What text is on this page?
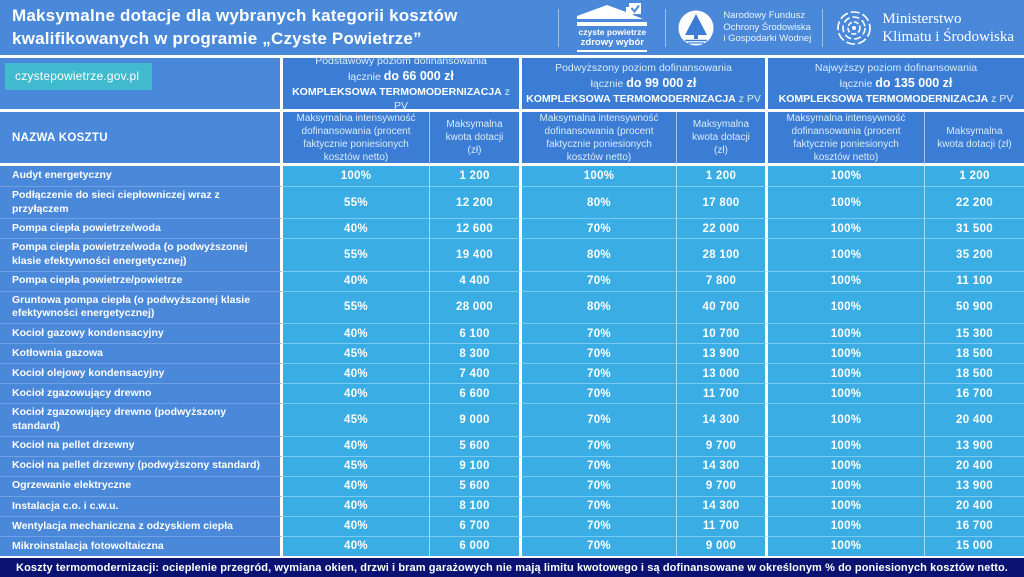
Maksymalne dotacje dla wybranych kategorii kosztów
kwalifikowanych w programie „Czyste Powietrze”	czyste powietrze
zdrowy wybór
Narodowy Fundusz
Ochrony Środowiska
i Gospodarki Wodnej
Ministerstwo
Klimatu i Środowiska
czystepowietrze.gov.pl
Podstawowy poziom dofinansowania
łącznie do 66 000 zł
KOMPLEKSOWA TERMOMODERNIZACJA z PV
Podwyższony poziom dofinansowania
łącznie do 99 000 zł
KOMPLEKSOWA TERMOMODERNIZACJA z PV
Najwyższy poziom dofinansowania
łącznie do 135 000 zł
KOMPLEKSOWA TERMOMODERNIZACJA z PV
NAZWA KOSZTU
Maksymalna intensywność dofinansowania (procent faktycznie poniesionych kosztów netto)
Maksymalna kwota dotacji (zł)
Maksymalna intensywność dofinansowania (procent faktycznie poniesionych kosztów netto)
Maksymalna kwota dotacji (zł)
Maksymalna intensywność dofinansowania (procent faktycznie poniesionych kosztów netto)
Maksymalna kwota dotacji (zł)
Audyt energetyczny	100%	1 200	100%	1 200	100%	1 200
Podłączenie do sieci ciepłowniczej wraz z przyłączem	55%	12 200	80%	17 800	100%	22 200
Pompa ciepła powietrze/woda	40%	12 600	70%	22 000	100%	31 500
Pompa ciepła powietrze/woda (o podwyższonej klasie efektywności energetycznej)	55%	19 400	80%	28 100	100%	35 200
Pompa ciepła powietrze/powietrze	40%	4 400	70%	7 800	100%	11 100
Gruntowa pompa ciepła (o podwyższonej klasie efektywności energetycznej)	55%	28 000	80%	40 700	100%	50 900
Kocioł gazowy kondensacyjny	40%	6 100	70%	10 700	100%	15 300
Kotłownia gazowa	45%	8 300	70%	13 900	100%	18 500
Kocioł olejowy kondensacyjny	40%	7 400	70%	13 000	100%	18 500
Kocioł zgazowujący drewno	40%	6 600	70%	11 700	100%	16 700
Kocioł zgazowujący drewno (podwyższony standard)	45%	9 000	70%	14 300	100%	20 400
Kocioł na pellet drzewny	40%	5 600	70%	9 700	100%	13 900
Kocioł na pellet drzewny (podwyższony standard)	45%	9 100	70%	14 300	100%	20 400
Ogrzewanie elektryczne	40%	5 600	70%	9 700	100%	13 900
Instalacja c.o. i c.w.u.	40%	8 100	70%	14 300	100%	20 400
Wentylacja mechaniczna z odzyskiem ciepła	40%	6 700	70%	11 700	100%	16 700
Mikroinstalacja fotowoltaiczna	40%	6 000	70%	9 000	100%	15 000
Koszty termomodernizacji: ocieplenie przegród, wymiana okien, drzwi i bram garażowych nie mają limitu kwotowego i są dofinansowane w określonym % do poniesionych kosztów netto.
